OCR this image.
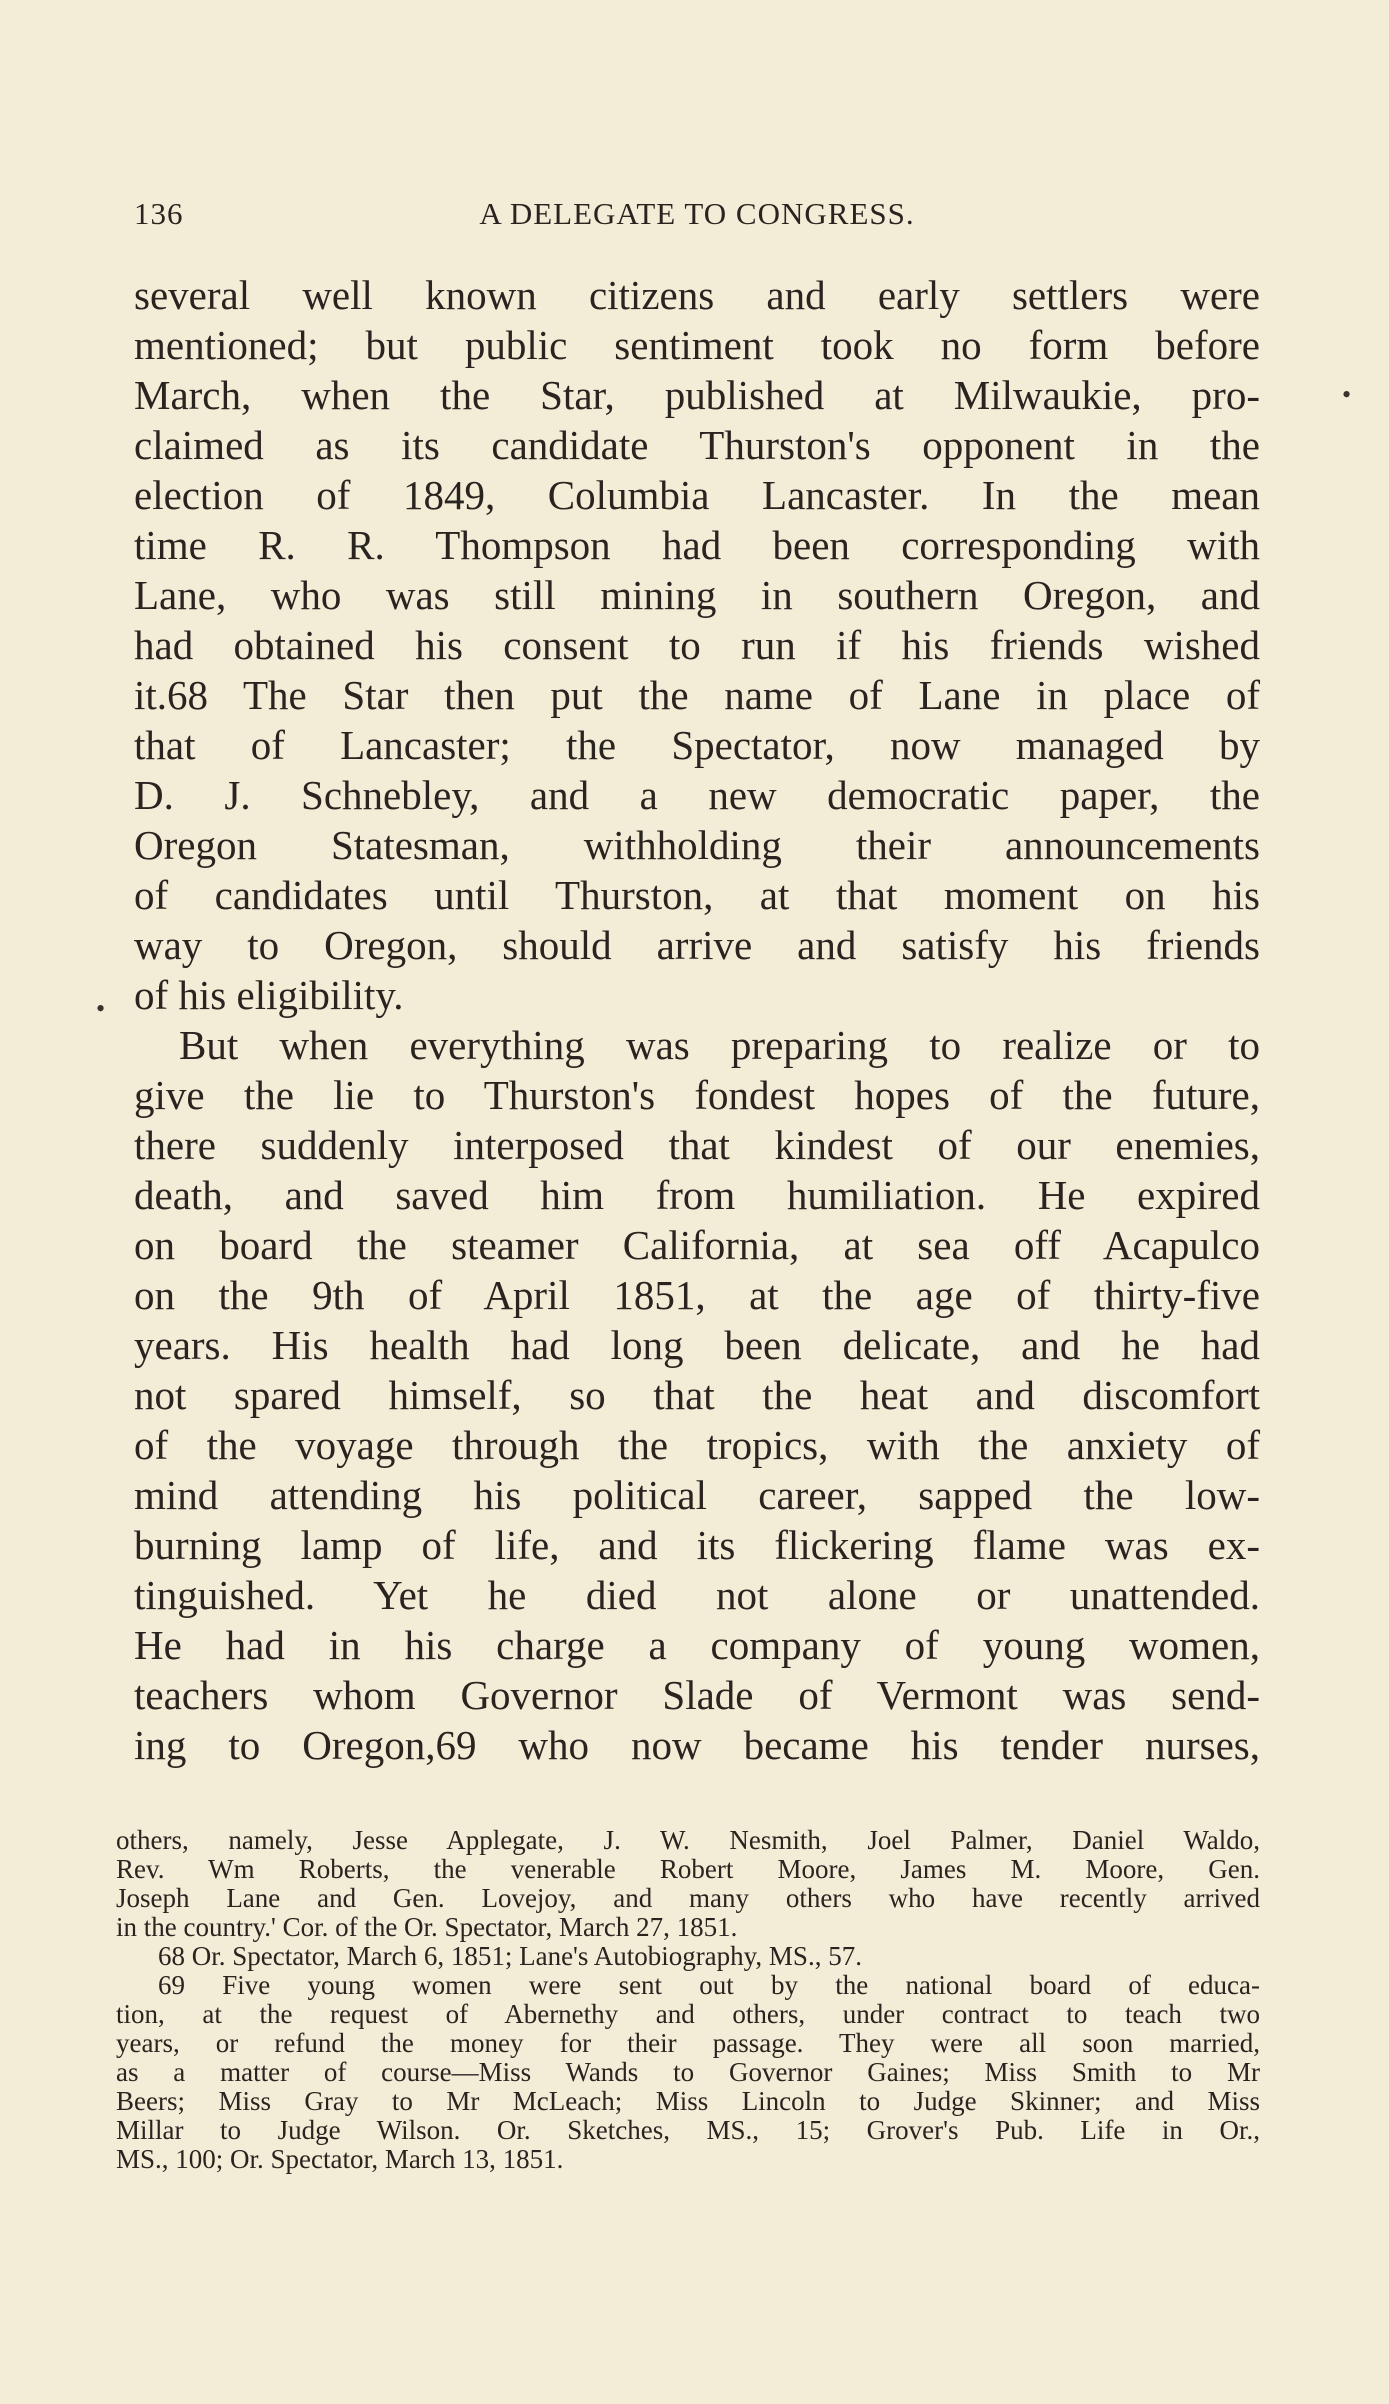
136	A DELEGATE TO CONGRESS.
•
•
several well known citizens and early settlers were
mentioned; but public sentiment took no form before
March, when the Star, published at Milwaukie, pro-
claimed as its candidate Thurston's opponent in the
election of 1849, Columbia Lancaster. In the mean
time R. R. Thompson had been corresponding with
Lane, who was still mining in southern Oregon, and
had obtained his consent to run if his friends wished
it.68 The Star then put the name of Lane in place of
that of Lancaster; the Spectator, now managed by
D. J. Schnebley, and a new democratic paper, the
Oregon Statesman, withholding their announcements
of candidates until Thurston, at that moment on his
way to Oregon, should arrive and satisfy his friends
of his eligibility.
But when everything was preparing to realize or to
give the lie to Thurston's fondest hopes of the future,
there suddenly interposed that kindest of our enemies,
death, and saved him from humiliation. He expired
on board the steamer California, at sea off Acapulco
on the 9th of April 1851, at the age of thirty-five
years. His health had long been delicate, and he had
not spared himself, so that the heat and discomfort
of the voyage through the tropics, with the anxiety of
mind attending his political career, sapped the low-
burning lamp of life, and its flickering flame was ex-
tinguished. Yet he died not alone or unattended.
He had in his charge a company of young women,
teachers whom Governor Slade of Vermont was send-
ing to Oregon,69 who now became his tender nurses,
others, namely, Jesse Applegate, J. W. Nesmith, Joel Palmer, Daniel Waldo,
Rev. Wm Roberts, the venerable Robert Moore, James M. Moore, Gen.
Joseph Lane and Gen. Lovejoy, and many others who have recently arrived
in the country.' Cor. of the Or. Spectator, March 27, 1851.
68 Or. Spectator, March 6, 1851; Lane's Autobiography, MS., 57.
69 Five young women were sent out by the national board of educa-
tion, at the request of Abernethy and others, under contract to teach two
years, or refund the money for their passage. They were all soon married,
as a matter of course—Miss Wands to Governor Gaines; Miss Smith to Mr
Beers; Miss Gray to Mr McLeach; Miss Lincoln to Judge Skinner; and Miss
Millar to Judge Wilson. Or. Sketches, MS., 15; Grover's Pub. Life in Or.,
MS., 100; Or. Spectator, March 13, 1851.
